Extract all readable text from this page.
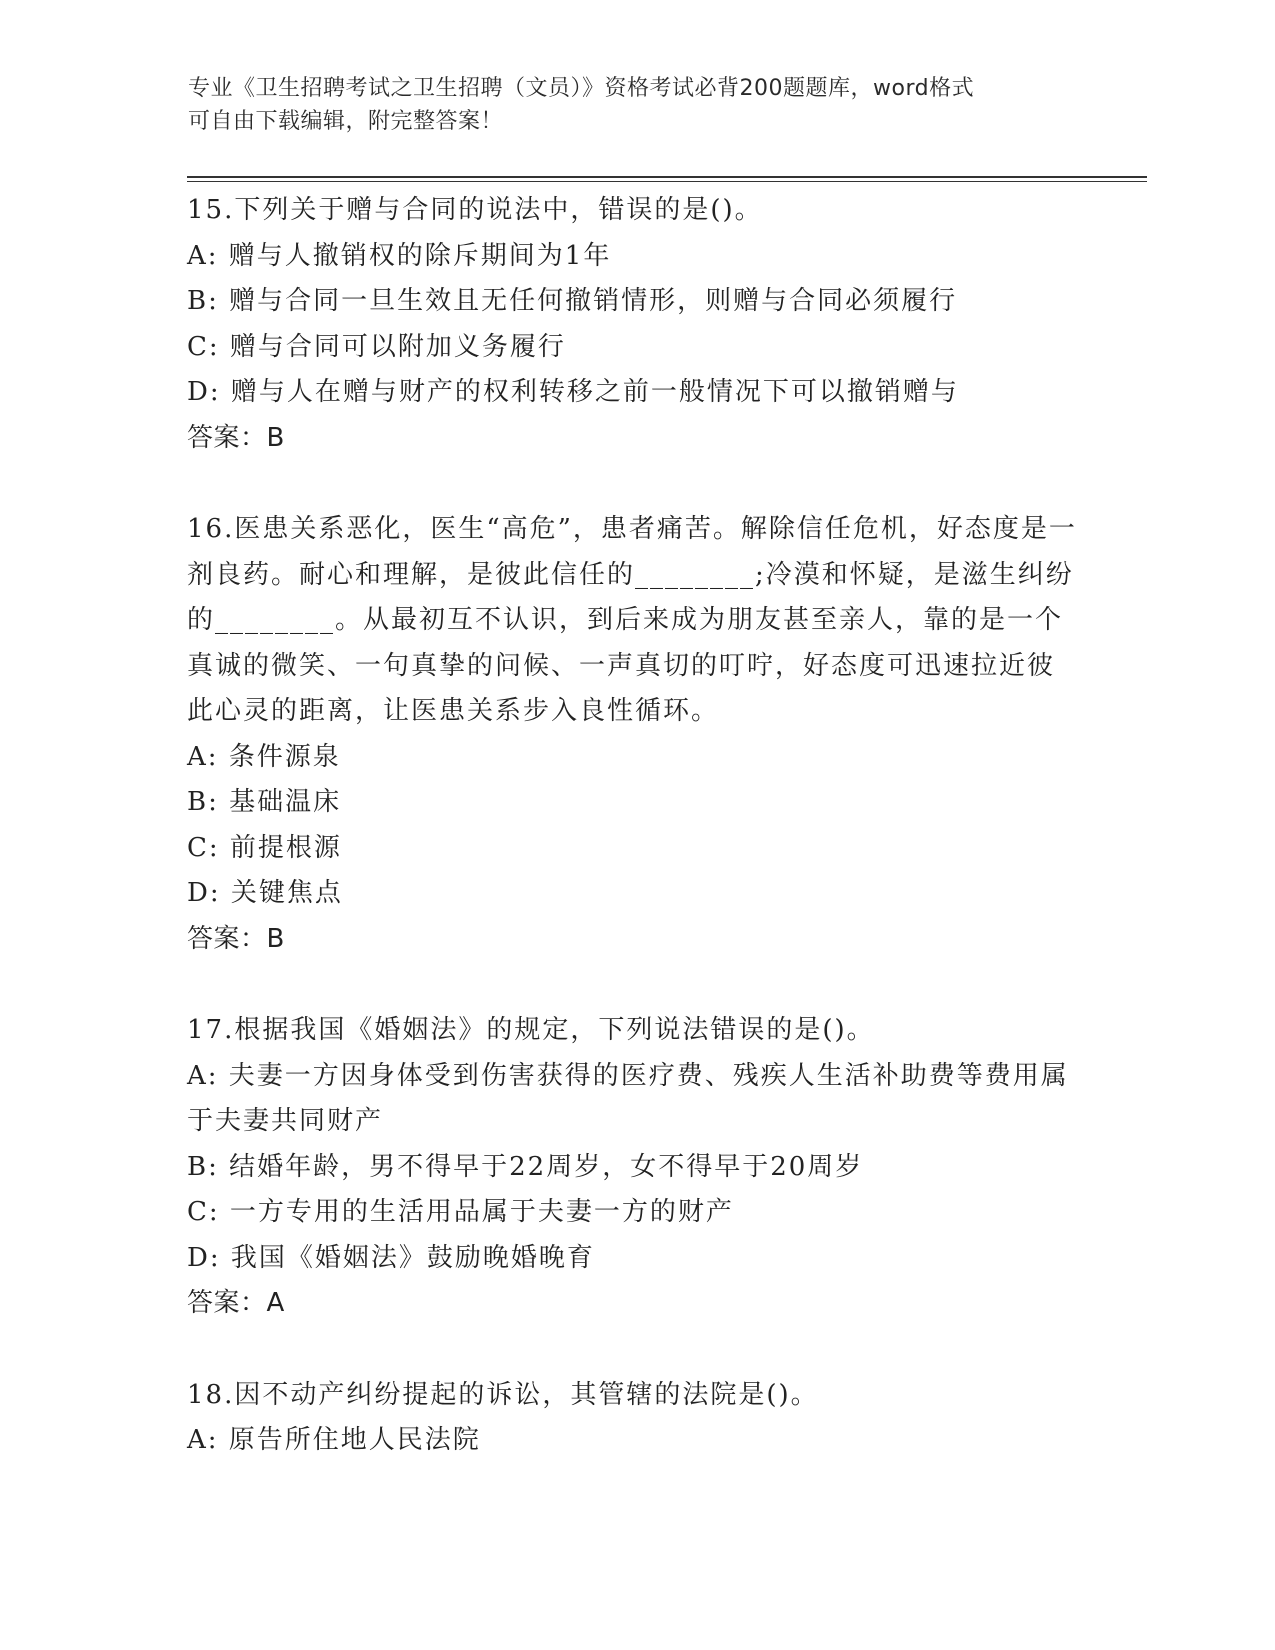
专业《卫生招聘考试之卫生招聘（文员）》资格考试必背200题题库，word格式
可自由下载编辑，附完整答案！

15.下列关于赠与合同的说法中，错误的是()。

A: 赠与人撤销权的除斥期间为1年

B: 赠与合同一旦生效且无任何撤销情形，则赠与合同必须履行

C: 赠与合同可以附加义务履行

D: 赠与人在赠与财产的权利转移之前一般情况下可以撤销赠与

答案：B

16.医患关系恶化，医生“高危”，患者痛苦。解除信任危机，好态度是一剂良药。耐心和理解，是彼此信任的________;冷漠和怀疑，是滋生纠纷的________。从最初互不认识，到后来成为朋友甚至亲人，靠的是一个真诚的微笑、一句真挚的问候、一声真切的叮咛，好态度可迅速拉近彼此心灵的距离，让医患关系步入良性循环。

A: 条件源泉

B: 基础温床

C: 前提根源

D: 关键焦点

答案：B

17.根据我国《婚姻法》的规定，下列说法错误的是()。

A: 夫妻一方因身体受到伤害获得的医疗费、残疾人生活补助费等费用属于夫妻共同财产

B: 结婚年龄，男不得早于22周岁，女不得早于20周岁

C: 一方专用的生活用品属于夫妻一方的财产

D: 我国《婚姻法》鼓励晚婚晚育

答案：A

18.因不动产纠纷提起的诉讼，其管辖的法院是()。

A: 原告所住地人民法院
